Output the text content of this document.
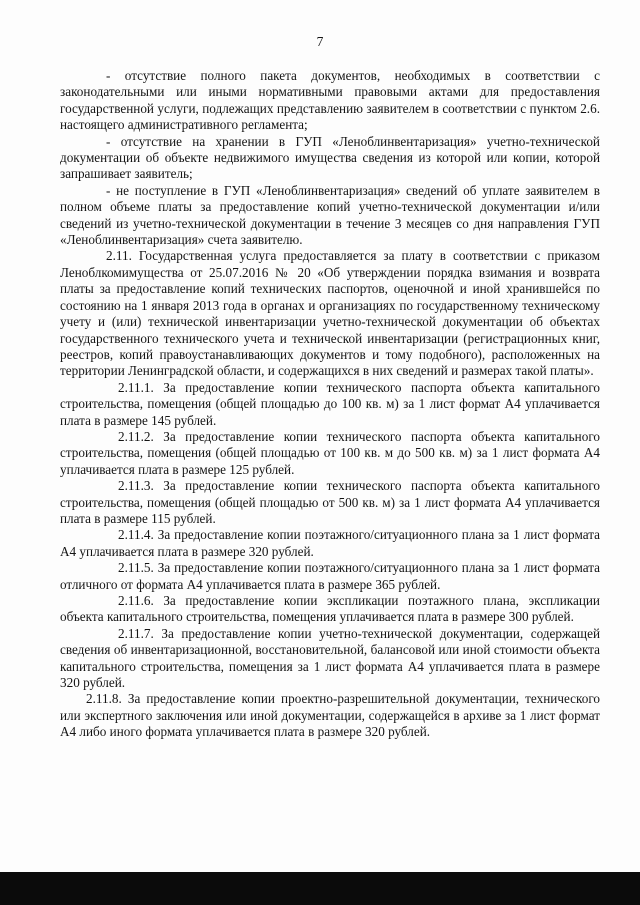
7

- отсутствие полного пакета документов, необходимых в соответствии с законодательными или иными нормативными правовыми актами для предоставления государственной услуги, подлежащих представлению заявителем в соответствии с пунктом 2.6. настоящего административного регламента;

- отсутствие на хранении в ГУП «Леноблинвентаризация» учетно-технической документации об объекте недвижимого имущества сведения из которой или копии, которой запрашивает заявитель;

- не поступление в ГУП «Леноблинвентаризация» сведений об уплате заявителем в полном объеме платы за предоставление копий учетно-технической документации и/или сведений из учетно-технической документации в течение 3 месяцев со дня направления ГУП «Леноблинвентаризация» счета заявителю.

2.11. Государственная услуга предоставляется за плату в соответствии с приказом Леноблкомимущества от 25.07.2016 № 20 «Об утверждении порядка взимания и возврата платы за предоставление копий технических паспортов, оценочной и иной хранившейся по состоянию на 1 января 2013 года в органах и организациях по государственному техническому учету и (или) технической инвентаризации учетно-технической документации об объектах государственного технического учета и технической инвентаризации (регистрационных книг, реестров, копий правоустанавливающих документов и тому подобного), расположенных на территории Ленинградской области, и содержащихся в них сведений и размерах такой платы».

2.11.1. За предоставление копии технического паспорта объекта капитального строительства, помещения (общей площадью до 100 кв. м) за 1 лист формат А4 уплачивается плата в размере 145 рублей.

2.11.2. За предоставление копии технического паспорта объекта капитального строительства, помещения (общей площадью от 100 кв. м до 500 кв. м) за 1 лист формата А4 уплачивается плата в размере 125 рублей.

2.11.3. За предоставление копии технического паспорта объекта капитального строительства, помещения (общей площадью от 500 кв. м) за 1 лист формата А4 уплачивается плата в размере 115 рублей.

2.11.4. За предоставление копии поэтажного/ситуационного плана за 1 лист формата А4 уплачивается плата в размере 320 рублей.

2.11.5. За предоставление копии поэтажного/ситуационного плана за 1 лист формата отличного от формата А4 уплачивается плата в размере 365 рублей.

2.11.6. За предоставление копии экспликации поэтажного плана, экспликации объекта капитального строительства, помещения уплачивается плата в размере 300 рублей.

2.11.7. За предоставление копии учетно-технической документации, содержащей сведения об инвентаризационной, восстановительной, балансовой или иной стоимости объекта капитального строительства, помещения за 1 лист формата А4 уплачивается плата в размере 320 рублей.

2.11.8. За предоставление копии проектно-разрешительной документации, технического или экспертного заключения или иной документации, содержащейся в архиве за 1 лист формат А4 либо иного формата уплачивается плата в размере 320 рублей.
